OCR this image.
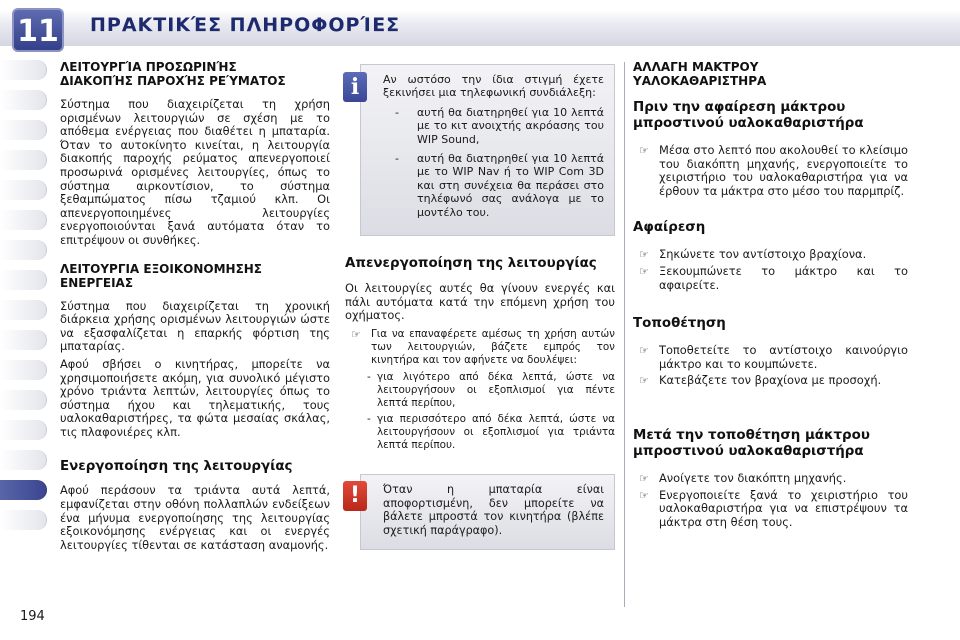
11 ΠΡΑΚΤΙΚΈΣ ΠΛΗΡΟΦΟΡΊΕΣ
194
ΛΕΙΤΟΥΡΓΊΑ ΠΡΟΣΩΡΙΝΉΣ ΔΙΑΚΟΠΉΣ ΠΑΡΟΧΉΣ ΡΕΎΜΑΤΟΣ

Σύστημα που διαχειρίζεται τη χρήση ορισμένων λειτουργιών σε σχέση με το απόθεμα ενέργειας που διαθέτει η μπαταρία. Όταν το αυτοκίνητο κινείται, η λειτουργία διακοπής παροχής ρεύματος απενεργοποιεί προσωρινά ορισμένες λειτουργίες, όπως το σύστημα αιρκοντίσιον, το σύστημα ξεθαμπώματος πίσω τζαμιού κλπ. Οι απενεργοποιημένες λειτουργίες ενεργοποιούνται ξανά αυτόματα όταν το επιτρέψουν οι συνθήκες.

ΛΕΙΤΟΥΡΓΙΑ ΕΞΟΙΚΟΝΟΜΗΣΗΣ ΕΝΕΡΓΕΙΑΣ

Σύστημα που διαχειρίζεται τη χρονική διάρκεια χρήσης ορισμένων λειτουργιών ώστε να εξασφαλίζεται η επαρκής φόρτιση της μπαταρίας.

Αφού σβήσει ο κινητήρας, μπορείτε να χρησιμοποιήσετε ακόμη, για συνολικό μέγιστο χρόνο τριάντα λεπτών, λειτουργίες όπως το σύστημα ήχου και τηλεματικής, τους υαλοκαθαριστήρες, τα φώτα μεσαίας σκάλας, τις πλαφονιέρες κλπ.

Ενεργοποίηση της λειτουργίας

Αφού περάσουν τα τριάντα αυτά λεπτά, εμφανίζεται στην οθόνη πολλαπλών ενδείξεων ένα μήνυμα ενεργοποίησης της λειτουργίας εξοικονόμησης ενέργειας και οι ενεργές λειτουργίες τίθενται σε κατάσταση αναμονής.

Αν ωστόσο την ίδια στιγμή έχετε ξεκινήσει μια τηλεφωνική συνδιάλεξη:

- αυτή θα διατηρηθεί για 10 λεπτά με το κιτ ανοιχτής ακρόασης του WIP Sound,
- αυτή θα διατηρηθεί για 10 λεπτά με το WIP Nav ή το WIP Com 3D και στη συνέχεια θα περάσει στο τηλέφωνό σας ανάλογα με το μοντέλο του.
i
Απενεργοποίηση της λειτουργίας

Οι λειτουργίες αυτές θα γίνουν ενεργές και πάλι αυτόματα κατά την επόμενη χρήση του οχήματος.

☞ Για να επαναφέρετε αμέσως τη χρήση αυτών των λειτουργιών, βάζετε εμπρός τον κινητήρα και τον αφήνετε να δουλέψει:
- για λιγότερο από δέκα λεπτά, ώστε να λειτουργήσουν οι εξοπλισμοί για πέντε λεπτά περίπου,
- για περισσότερο από δέκα λεπτά, ώστε να λειτουργήσουν οι εξοπλισμοί για τριάντα λεπτά περίπου.

Όταν η μπαταρία είναι αποφορτισμένη, δεν μπορείτε να βάλετε μπροστά τον κινητήρα (βλέπε σχετική παράγραφο).

!
ΑΛΛΑΓΗ ΜΑΚΤΡΟΥ ΥΑΛΟΚΑΘΑΡΙΣΤΗΡΑ
Πριν την αφαίρεση μάκτρου μπροστινού υαλοκαθαριστήρα
☞ Μέσα στο λεπτό που ακολουθεί το κλείσιμο του διακόπτη μηχανής, ενεργοποιείτε το χειριστήριο του υαλοκαθαριστήρα για να έρθουν τα μάκτρα στο μέσο του παρμπρίζ.
Αφαίρεση
☞ Σηκώνετε τον αντίστοιχο βραχίονα.
☞ Ξεκουμπώνετε το μάκτρο και το αφαιρείτε.
Τοποθέτηση
☞ Τοποθετείτε το αντίστοιχο καινούργιο μάκτρο και το κουμπώνετε.
☞ Κατεβάζετε τον βραχίονα με προσοχή.
Μετά την τοποθέτηση μάκτρου μπροστινού υαλοκαθαριστήρα
☞ Ανοίγετε τον διακόπτη μηχανής.
☞ Ενεργοποιείτε ξανά το χειριστήριο του υαλοκαθαριστήρα για να επιστρέψουν τα μάκτρα στη θέση τους.
